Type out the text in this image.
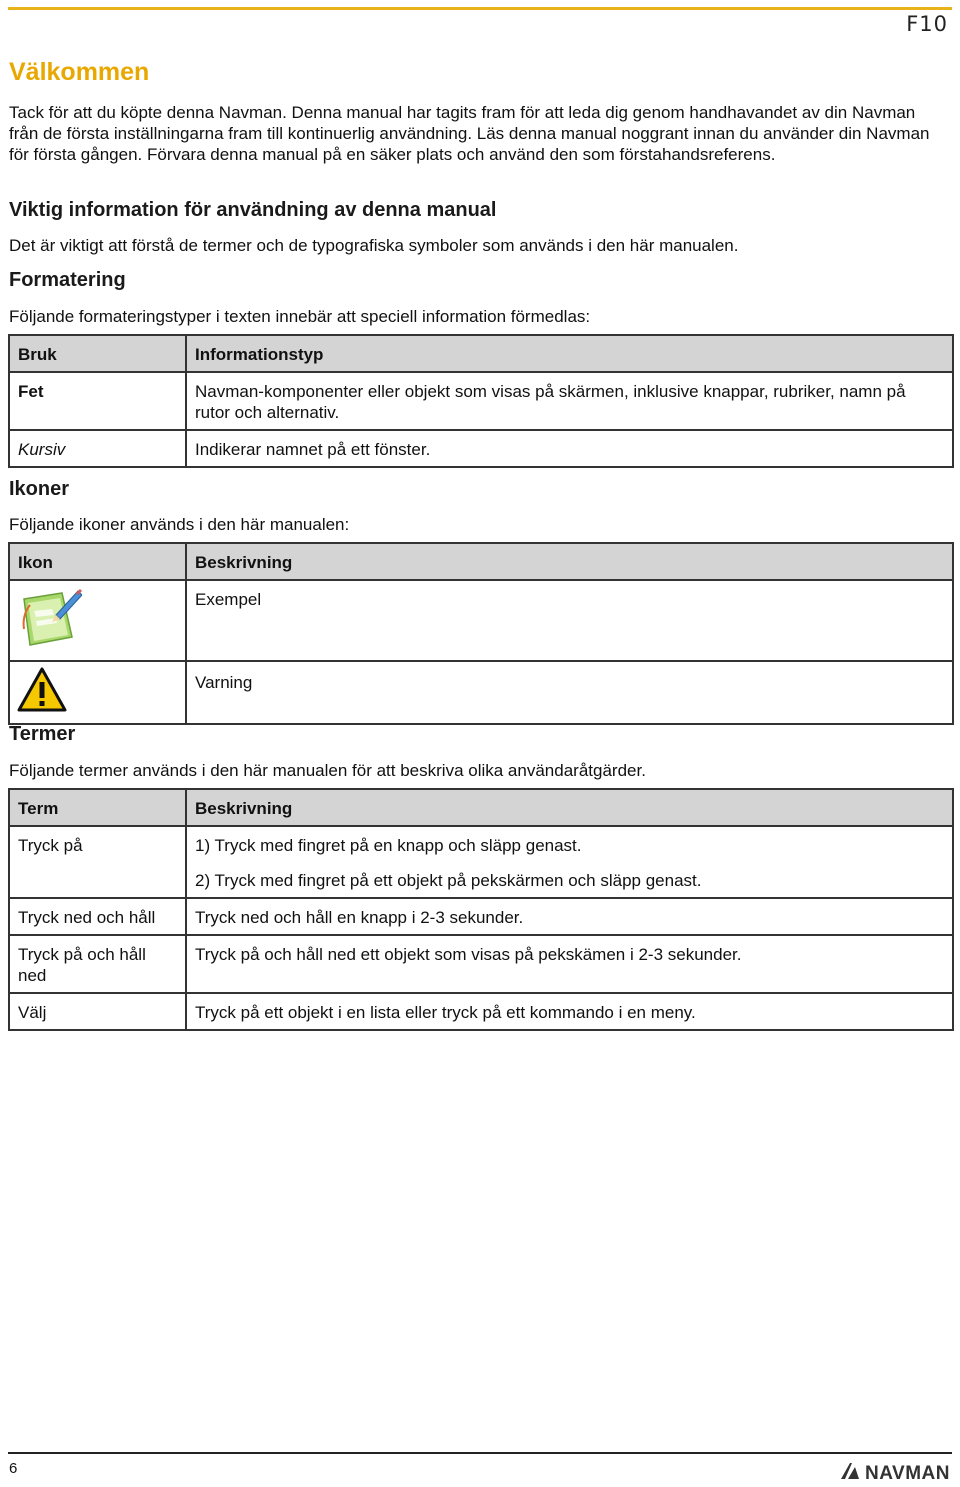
F10
Välkommen

Tack för att du köpte denna Navman. Denna manual har tagits fram för att leda dig genom handhavandet av din Navman från de första inställningarna fram till kontinuerlig användning. Läs denna manual noggrant innan du använder din Navman för första gången. Förvara denna manual på en säker plats och använd den som förstahandsreferens.

Viktig information för användning av denna manual

Det är viktigt att förstå de termer och de typografiska symboler som används i den här manualen.

Formatering

Följande formateringstyper i texten innebär att speciell information förmedlas:

Bruk	Informationstyp
Fet	Navman-komponenter eller objekt som visas på skärmen, inklusive knappar, rubriker, namn på rutor och alternativ.
Kursiv	Indikerar namnet på ett fönster.
Ikoner

Följande ikoner används i den här manualen:

Ikon	Beskrivning
	Exempel
	Varning
Termer

Följande termer används i den här manualen för att beskriva olika användaråtgärder.

Term	Beskrivning
Tryck på	1) Tryck med fingret på en knapp och släpp genast.
	2) Tryck med fingret på ett objekt på pekskärmen och släpp genast.
Tryck ned och håll	Tryck ned och håll en knapp i 2-3 sekunder.
Tryck på och håll ned	Tryck på och håll ned ett objekt som visas på pekskämen i 2-3 sekunder.
Välj	Tryck på ett objekt i en lista eller tryck på ett kommando i en meny.
6	NAVMAN
